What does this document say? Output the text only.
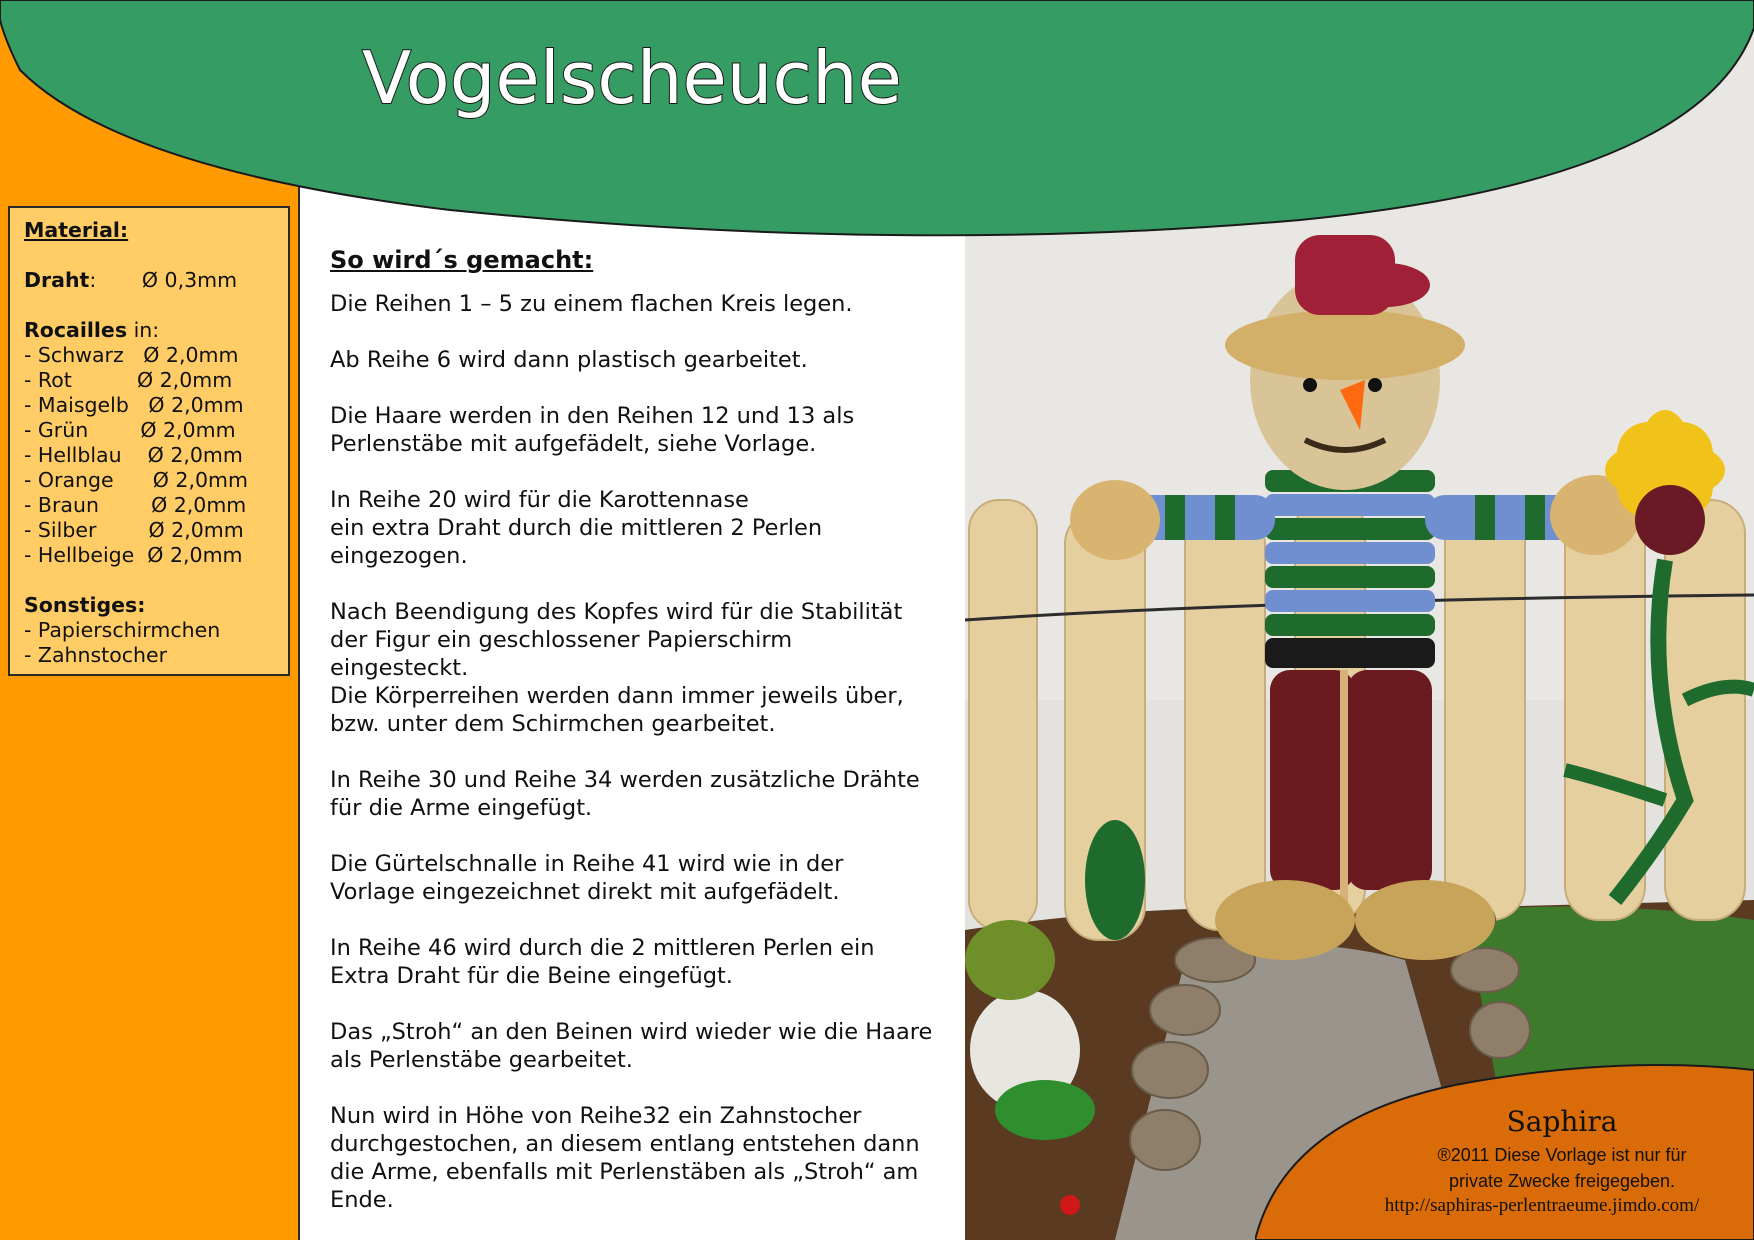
Vogelscheuche
Material:
Draht:       Ø 0,3mm
Rocailles in:
- Schwarz   Ø 2,0mm
- Rot          Ø 2,0mm
- Maisgelb   Ø 2,0mm
- Grün        Ø 2,0mm
- Hellblau    Ø 2,0mm
- Orange      Ø 2,0mm
- Braun        Ø 2,0mm
- Silber        Ø 2,0mm
- Hellbeige  Ø 2,0mm
Sonstiges:
- Papierschirmchen
- Zahnstocher
So wird´s gemacht:

Die Reihen 1 – 5 zu einem flachen Kreis legen.

Ab Reihe 6 wird dann plastisch gearbeitet.

Die Haare werden in den Reihen 12 und 13 als
Perlenstäbe mit aufgefädelt, siehe Vorlage.

In Reihe 20 wird für die Karottennase
ein extra Draht durch die mittleren 2 Perlen
eingezogen.

Nach Beendigung des Kopfes wird für die Stabilität
der Figur ein geschlossener Papierschirm
eingesteckt.
Die Körperreihen werden dann immer jeweils über,
bzw. unter dem Schirmchen gearbeitet.

In Reihe 30 und Reihe 34 werden zusätzliche Drähte
für die Arme eingefügt.

Die Gürtelschnalle in Reihe 41 wird wie in der
Vorlage eingezeichnet direkt mit aufgefädelt.

In Reihe 46 wird durch die 2 mittleren Perlen ein
Extra Draht für die Beine eingefügt.

Das „Stroh“ an den Beinen wird wieder wie die Haare
als Perlenstäbe gearbeitet.

Nun wird in Höhe von Reihe32 ein Zahnstocher
durchgestochen, an diesem entlang entstehen dann
die Arme, ebenfalls mit Perlenstäben als „Stroh“ am
Ende.

Saphira
®2011 Diese Vorlage ist nur für
private Zwecke freigegeben.
http://saphiras-perlentraeume.jimdo.com/
